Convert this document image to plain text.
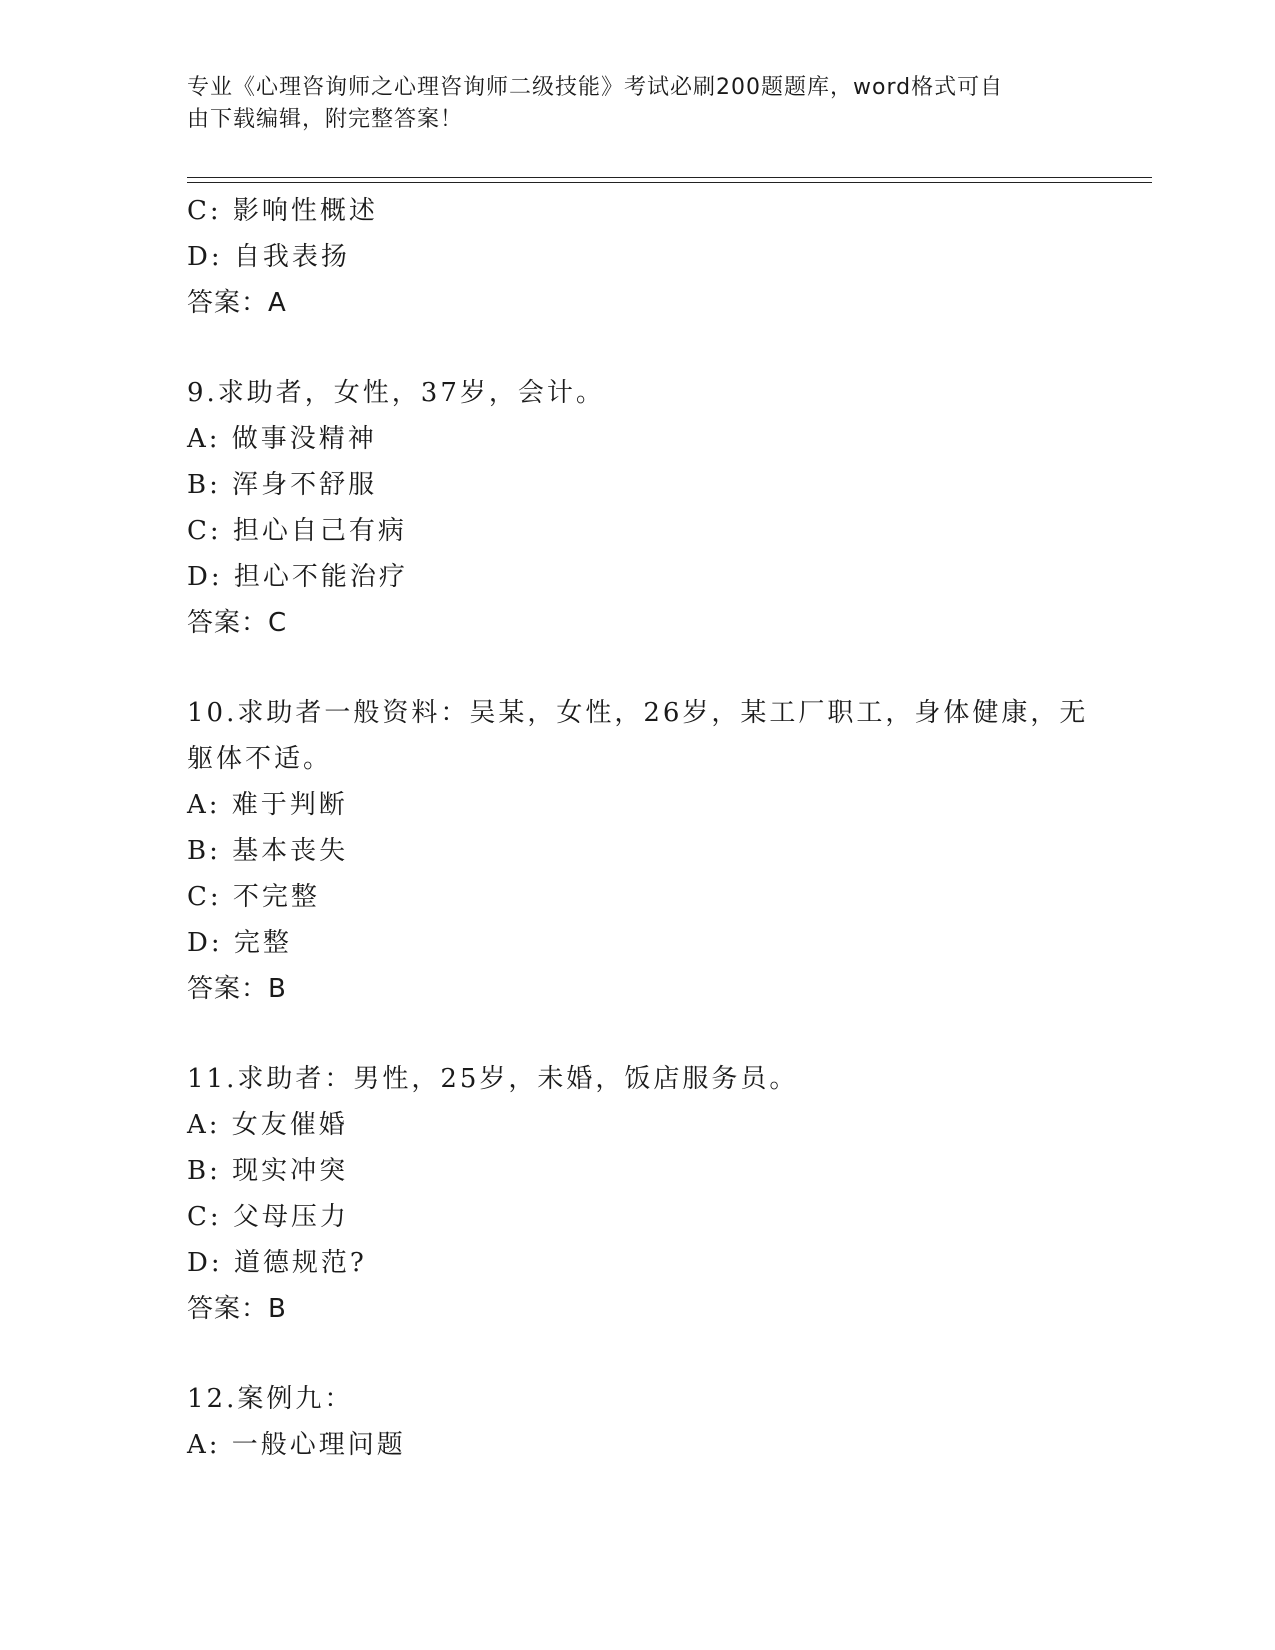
专业《心理咨询师之心理咨询师二级技能》考试必刷200题题库，word格式可自
由下载编辑，附完整答案！
C: 影响性概述
D: 自我表扬
答案：A
9.求助者，女性，37岁，会计。
A: 做事没精神
B: 浑身不舒服
C: 担心自己有病
D: 担心不能治疗
答案：C
10.求助者一般资料：吴某，女性，26岁，某工厂职工，身体健康，无
躯体不适。
A: 难于判断
B: 基本丧失
C: 不完整
D: 完整
答案：B
11.求助者：男性，25岁，未婚，饭店服务员。
A: 女友催婚
B: 现实冲突
C: 父母压力
D: 道德规范?
答案：B
12.案例九：
A: 一般心理问题
